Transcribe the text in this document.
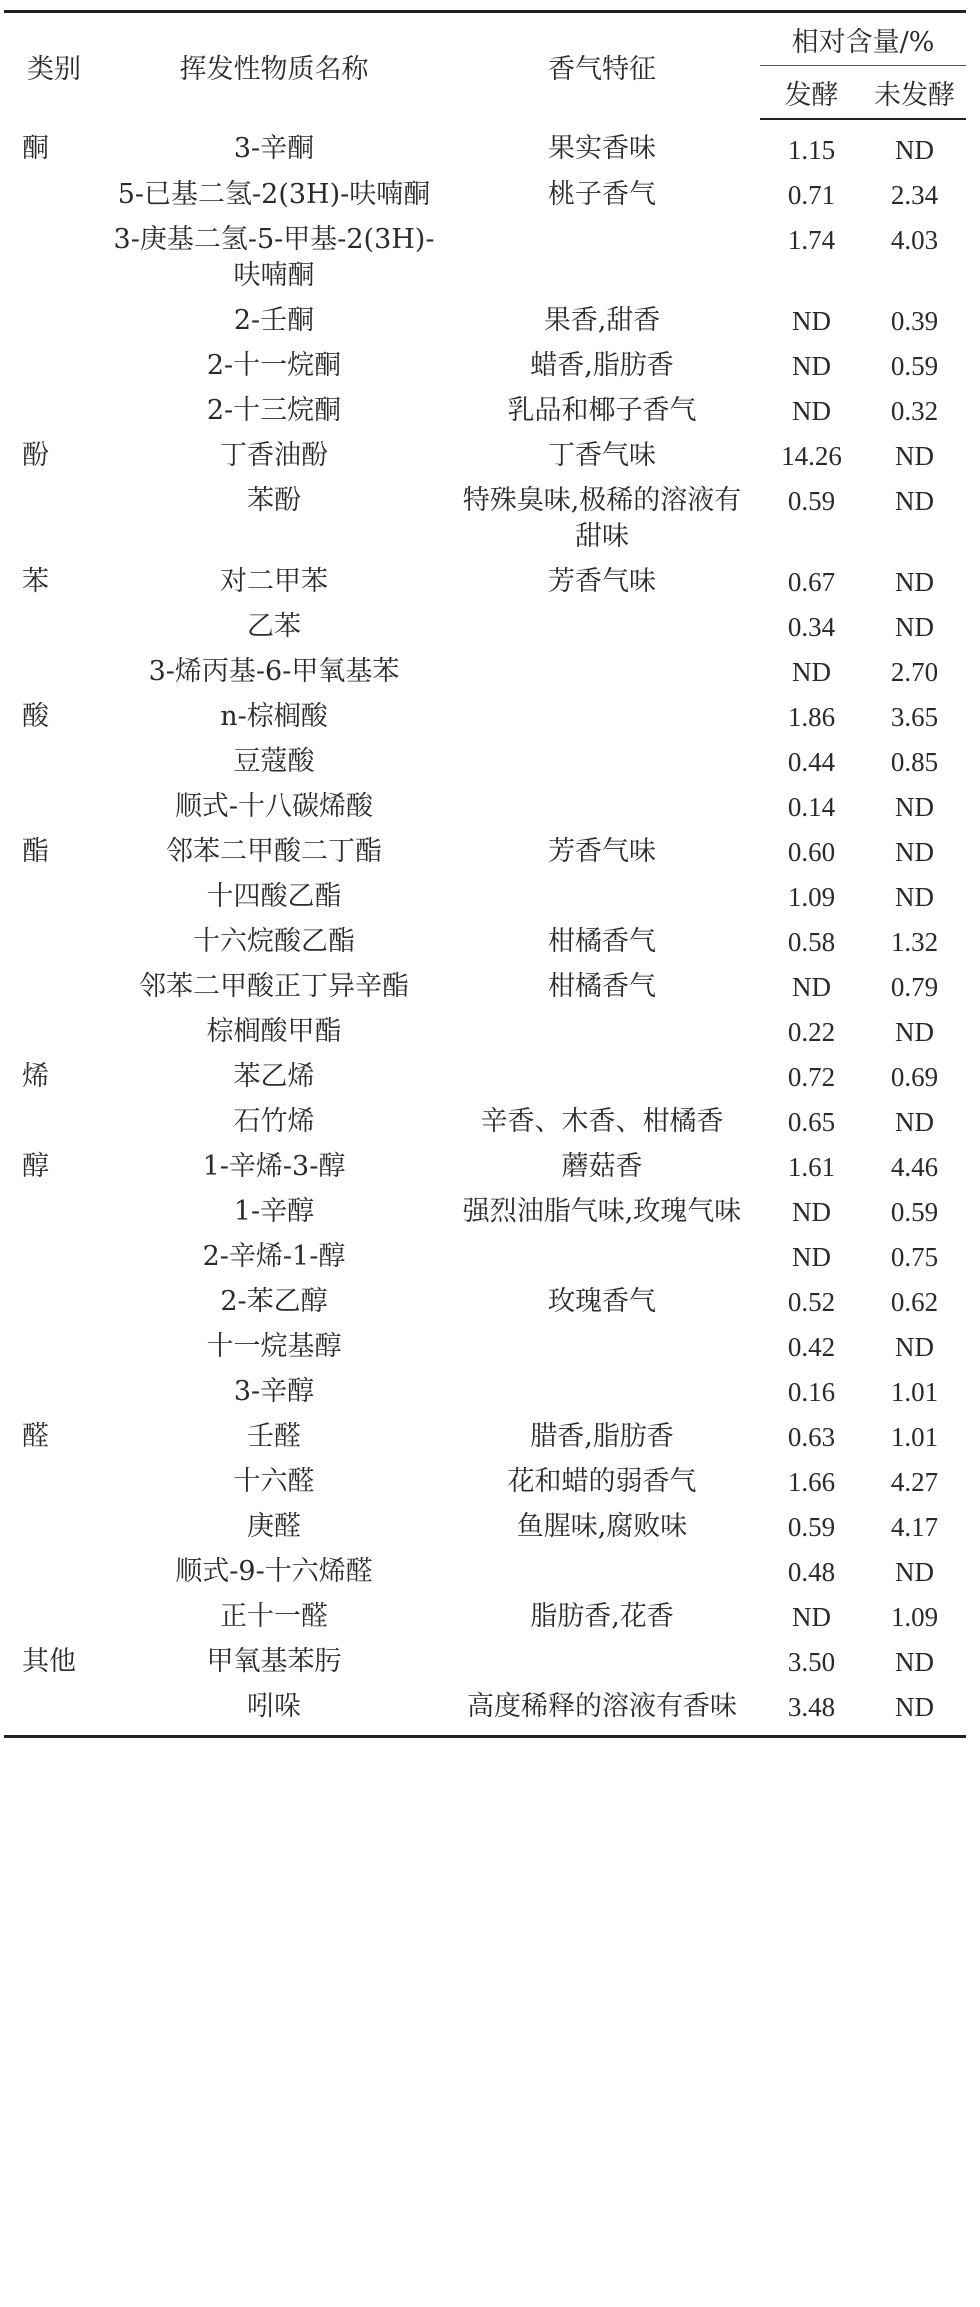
类别	挥发性物质名称	香气特征	相对含量/%	
			发酵	未发酵
酮	3-辛酮	果实香味	1.15	ND
	5-已基二氢-2(3H)-呋喃酮	桃子香气	0.71	2.34
	3-庚基二氢-5-甲基-2(3H)-呋喃酮		1.74	4.03
	2-壬酮	果香,甜香	ND	0.39
	2-十一烷酮	蜡香,脂肪香	ND	0.59
	2-十三烷酮	乳品和椰子香气	ND	0.32
酚	丁香油酚	丁香气味	14.26	ND
	苯酚	特殊臭味,极稀的溶液有甜味	0.59	ND
苯	对二甲苯	芳香气味	0.67	ND
	乙苯		0.34	ND
	3-烯丙基-6-甲氧基苯		ND	2.70
酸	n-棕榈酸		1.86	3.65
	豆蔻酸		0.44	0.85
	顺式-十八碳烯酸		0.14	ND
酯	邻苯二甲酸二丁酯	芳香气味	0.60	ND
	十四酸乙酯		1.09	ND
	十六烷酸乙酯	柑橘香气	0.58	1.32
	邻苯二甲酸正丁异辛酯	柑橘香气	ND	0.79
	棕榈酸甲酯		0.22	ND
烯	苯乙烯		0.72	0.69
	石竹烯	辛香、木香、柑橘香	0.65	ND
醇	1-辛烯-3-醇	蘑菇香	1.61	4.46
	1-辛醇	强烈油脂气味,玫瑰气味	ND	0.59
	2-辛烯-1-醇		ND	0.75
	2-苯乙醇	玫瑰香气	0.52	0.62
	十一烷基醇		0.42	ND
	3-辛醇		0.16	1.01
醛	壬醛	腊香,脂肪香	0.63	1.01
	十六醛	花和蜡的弱香气	1.66	4.27
	庚醛	鱼腥味,腐败味	0.59	4.17
	顺式-9-十六烯醛		0.48	ND
	正十一醛	脂肪香,花香	ND	1.09
其他	甲氧基苯肟		3.50	ND
	吲哚	高度稀释的溶液有香味	3.48	ND
